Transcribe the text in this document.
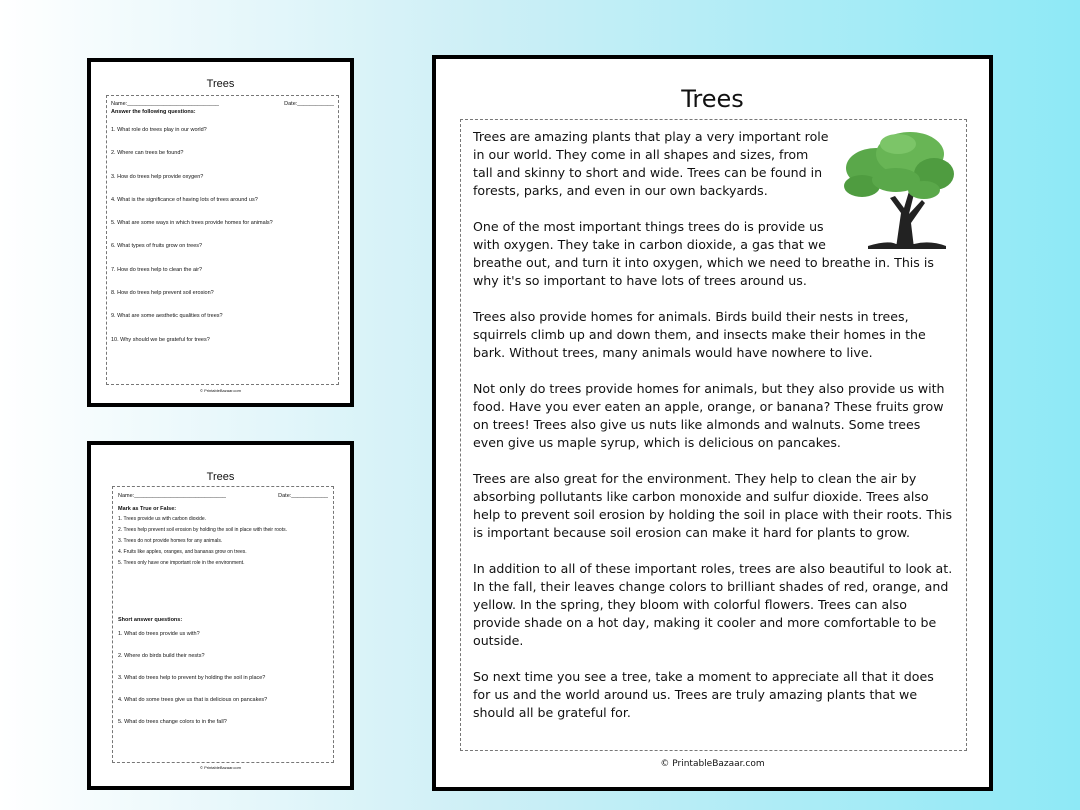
Trees
Name:______________________________	Date:____________
Answer the following questions:
1. What role do trees play in our world?
2. Where can trees be found?
3. How do trees help provide oxygen?
4. What is the significance of having lots of trees around us?
5. What are some ways in which trees provide homes for animals?
6. What types of fruits grow on trees?
7. How do trees help to clean the air?
8. How do trees help prevent soil erosion?
9. What are some aesthetic qualities of trees?
10. Why should we be grateful for trees?
© PrintableBazaar.com
Trees
Name:______________________________	Date:____________
Mark as True or False:
1. Trees provide us with carbon dioxide.
2. Trees help prevent soil erosion by holding the soil in place with their roots.
3. Trees do not provide homes for any animals.
4. Fruits like apples, oranges, and bananas grow on trees.
5. Trees only have one important role in the environment.
Short answer questions:
1. What do trees provide us with?
2. Where do birds build their nests?
3. What do trees help to prevent by holding the soil in place?
4. What do some trees give us that is delicious on pancakes?
5. What do trees change colors to in the fall?
© PrintableBazaar.com
Trees

Trees are amazing plants that play a very important role in our world. They come in all shapes and sizes, from tall and skinny to short and wide. Trees can be found in forests, parks, and even in our own backyards.

One of the most important things trees do is provide us with oxygen. They take in carbon dioxide, a gas that we breathe out, and turn it into oxygen, which we need to breathe in. This is why it's so important to have lots of trees around us.

Trees also provide homes for animals. Birds build their nests in trees, squirrels climb up and down them, and insects make their homes in the bark. Without trees, many animals would have nowhere to live.

Not only do trees provide homes for animals, but they also provide us with food. Have you ever eaten an apple, orange, or banana? These fruits grow on trees! Trees also give us nuts like almonds and walnuts. Some trees even give us maple syrup, which is delicious on pancakes.

Trees are also great for the environment. They help to clean the air by absorbing pollutants like carbon monoxide and sulfur dioxide. Trees also help to prevent soil erosion by holding the soil in place with their roots. This is important because soil erosion can make it hard for plants to grow.

In addition to all of these important roles, trees are also beautiful to look at. In the fall, their leaves change colors to brilliant shades of red, orange, and yellow. In the spring, they bloom with colorful flowers. Trees can also provide shade on a hot day, making it cooler and more comfortable to be outside.

So next time you see a tree, take a moment to appreciate all that it does for us and the world around us. Trees are truly amazing plants that we should all be grateful for.

© PrintableBazaar.com
